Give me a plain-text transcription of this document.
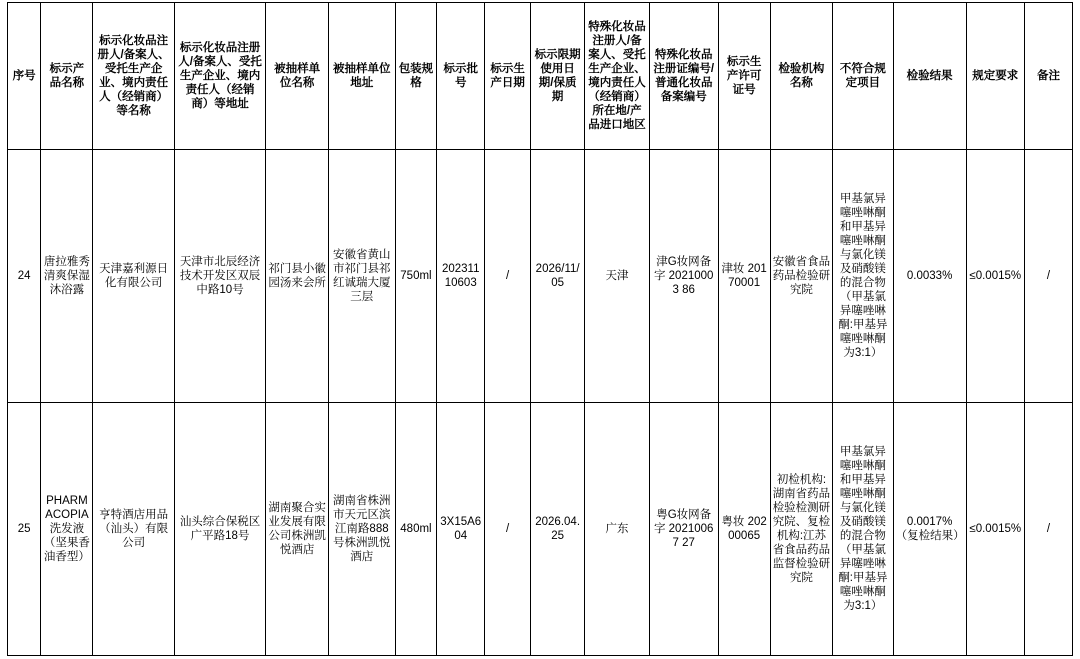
序号	标示产品名称	标示化妆品注册人/备案人、受托生产企业、境内责任人（经销商）等名称	标示化妆品注册人/备案人、受托生产企业、境内责任人（经销商）等地址	被抽样单位名称	被抽样单位地址	包装规格	标示批号	标示生产日期	标示限期使用日期/保质期	特殊化妆品注册人/备案人、受托生产企业、境内责任人（经销商）所在地/产品进口地区	特殊化妆品注册证编号/普通化妆品备案编号	标示生产许可证号	检验机构名称	不符合规定项目	检验结果	规定要求	备注
24	唐拉雅秀清爽保湿沐浴露	天津嘉利源日化有限公司	天津市北辰经济技术开发区双辰中路10号	祁门县小徽园汤来会所	安徽省黄山市祁门县祁红诚瑞大厦三层	750ml	202311 10603	/	2026/11/05	天津	津G妆网备字 20210003 86	津妆 20170001	安徽省食品药品检验研究院	甲基氯异噻唑啉酮和甲基异噻唑啉酮与氯化镁及硝酸镁的混合物（甲基氯异噻唑啉酮:甲基异噻唑啉酮为3:1）	0.0033%	≤0.0015%	/
25	PHARMACOPIA 洗发液（坚果香油香型）	亨特酒店用品（汕头）有限公司	汕头综合保税区广平路18号	湖南聚合实业发展有限公司株洲凯悦酒店	湖南省株洲市天元区滨江南路888号株洲凯悦酒店	480ml	3X15A604	/	2026.04.25	广东	粤G妆网备字 20210067 27	粤妆 20200065	初检机构:湖南省药品检验检测研究院、复检机构:江苏省食品药品监督检验研究院	甲基氯异噻唑啉酮和甲基异噻唑啉酮与氯化镁及硝酸镁的混合物（甲基氯异噻唑啉酮:甲基异噻唑啉酮为3:1）	0.0017%（复检结果）	≤0.0015%	/
